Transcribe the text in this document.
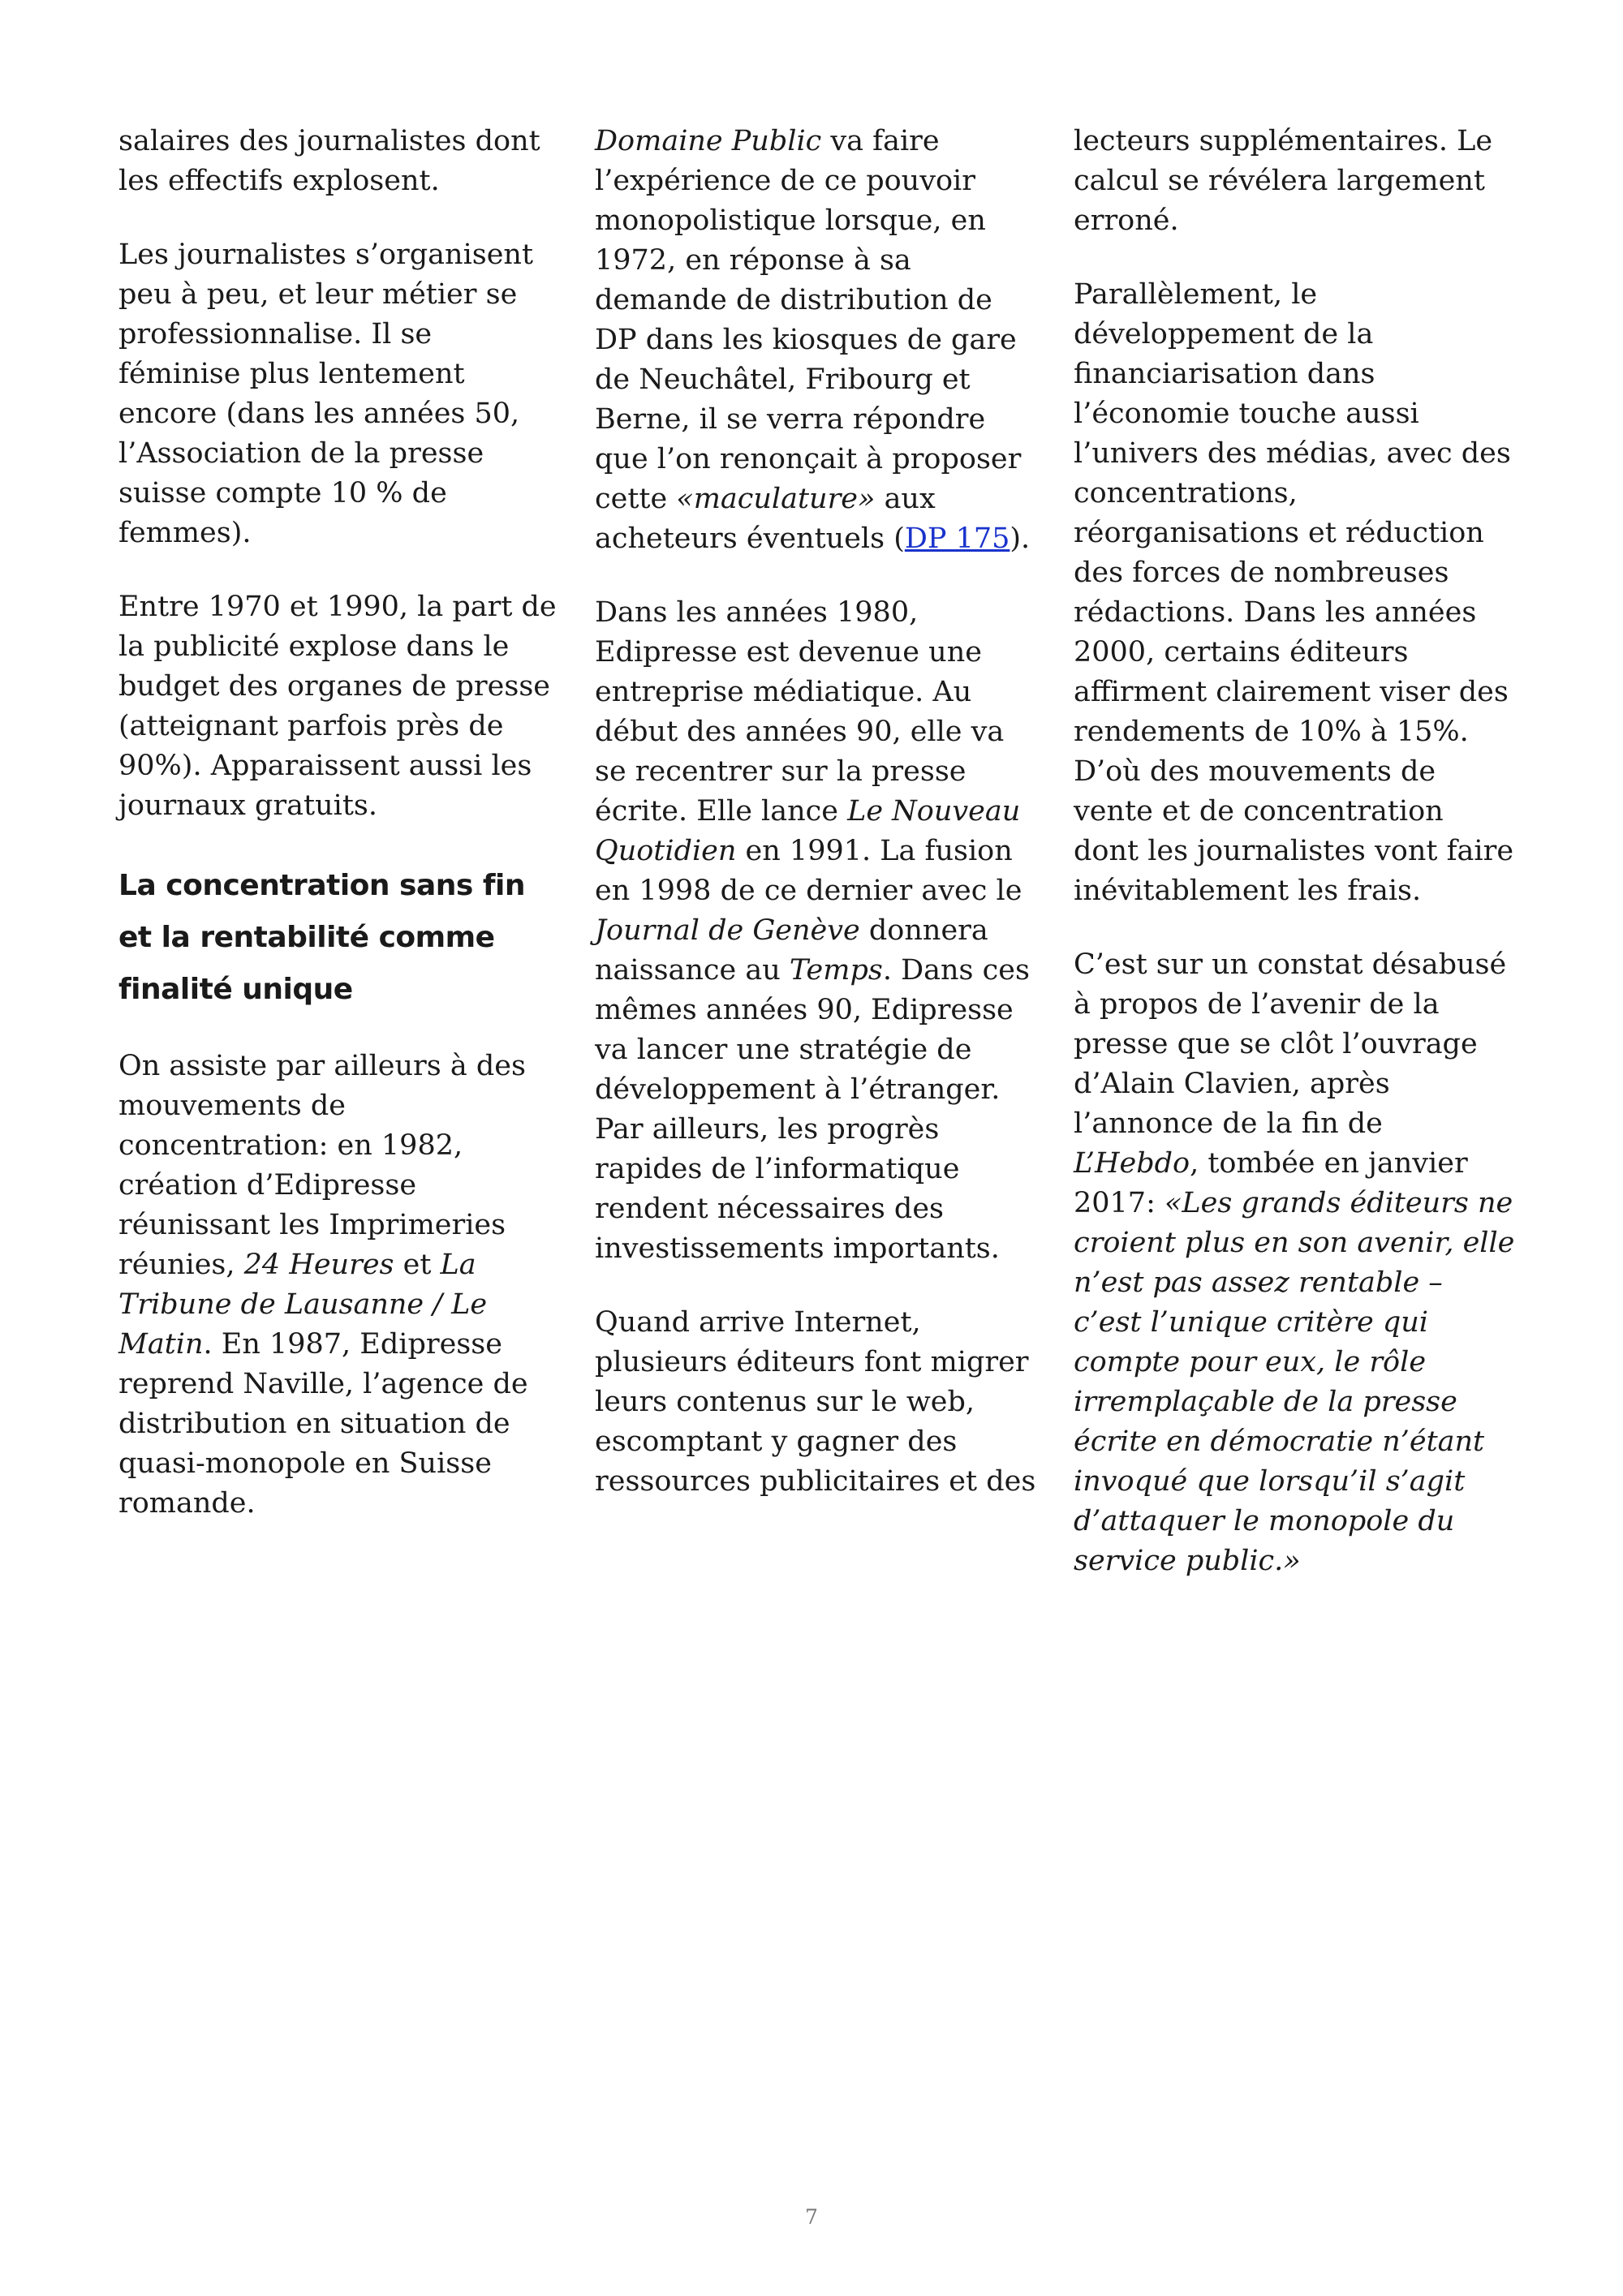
salaires des journalistes dont les effectifs explosent.

Les journalistes s’organisent peu à peu, et leur métier se professionnalise. Il se féminise plus lentement encore (dans les années 50, l’Association de la presse suisse compte 10 % de femmes).

Entre 1970 et 1990, la part de la publicité explose dans le budget des organes de presse (atteignant parfois près de 90%). Apparaissent aussi les journaux gratuits.

La concentration sans fin et la rentabilité comme finalité unique

On assiste par ailleurs à des mouvements de concentration: en 1982, création d’Edipresse réunissant les Imprimeries réunies, 24 Heures et La Tribune de Lausanne / Le Matin. En 1987, Edipresse reprend Naville, l’agence de distribution en situation de quasi-monopole en Suisse romande.

Domaine Public va faire l’expérience de ce pouvoir monopolistique lorsque, en 1972, en réponse à sa demande de distribution de DP dans les kiosques de gare de Neuchâtel, Fribourg et Berne, il se verra répondre que l’on renonçait à proposer cette «maculature» aux acheteurs éventuels (DP 175).

Dans les années 1980, Edipresse est devenue une entreprise médiatique. Au début des années 90, elle va se recentrer sur la presse écrite. Elle lance Le Nouveau Quotidien en 1991. La fusion en 1998 de ce dernier avec le Journal de Genève donnera naissance au Temps. Dans ces mêmes années 90, Edipresse va lancer une stratégie de développement à l’étranger. Par ailleurs, les progrès rapides de l’informatique rendent nécessaires des investissements importants.

Quand arrive Internet, plusieurs éditeurs font migrer leurs contenus sur le web, escomptant y gagner des ressources publicitaires et des

lecteurs supplémentaires. Le calcul se révélera largement erroné.

Parallèlement, le développement de la financiarisation dans l’économie touche aussi l’univers des médias, avec des concentrations, réorganisations et réduction des forces de nombreuses rédactions. Dans les années 2000, certains éditeurs affirment clairement viser des rendements de 10% à 15%. D’où des mouvements de vente et de concentration dont les journalistes vont faire inévitablement les frais.

C’est sur un constat désabusé à propos de l’avenir de la presse que se clôt l’ouvrage d’Alain Clavien, après l’annonce de la fin de L’Hebdo, tombée en janvier 2017: «Les grands éditeurs ne croient plus en son avenir, elle n’est pas assez rentable – c’est l’unique critère qui compte pour eux, le rôle irremplaçable de la presse écrite en démocratie n’étant invoqué que lorsqu’il s’agit d’attaquer le monopole du service public.»

7
